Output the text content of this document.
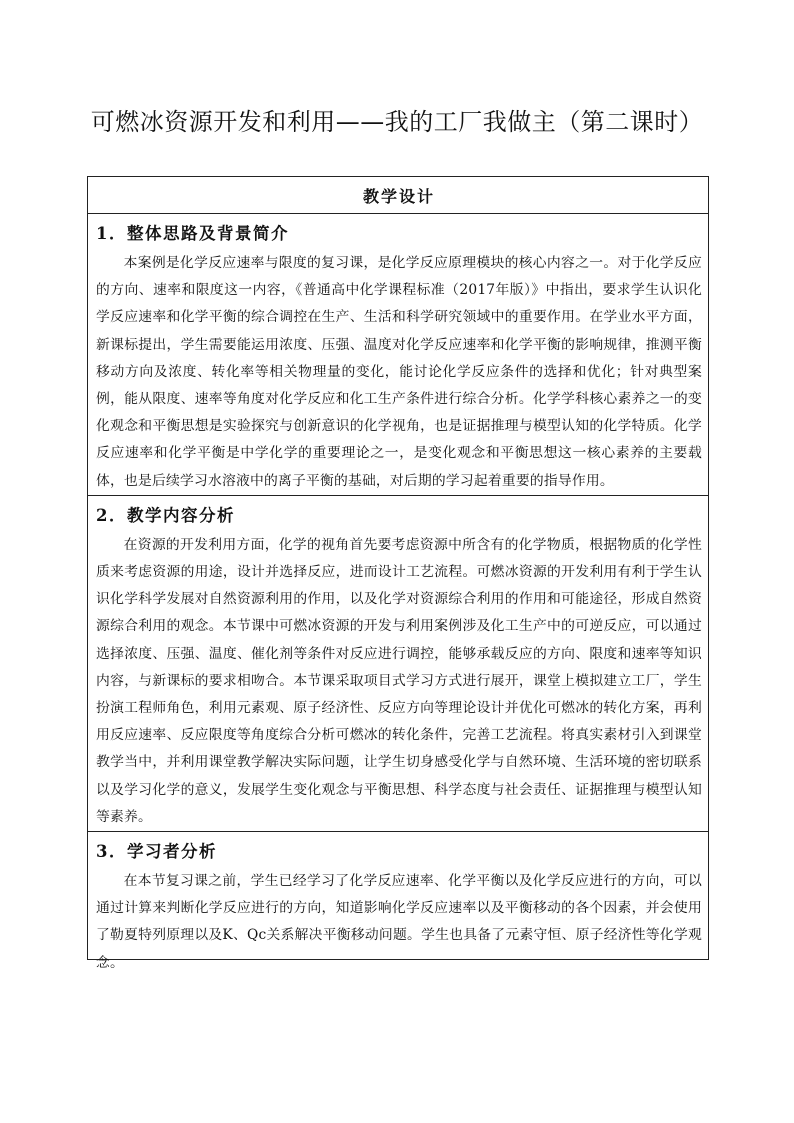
可燃冰资源开发和利用——我的工厂我做主（第二课时）
教学设计

1．整体思路及背景简介

本案例是化学反应速率与限度的复习课，是化学反应原理模块的核心内容之一。对于化学反应的方向、速率和限度这一内容，《普通高中化学课程标准（2017年版）》中指出，要求学生认识化学反应速率和化学平衡的综合调控在生产、生活和科学研究领域中的重要作用。在学业水平方面，新课标提出，学生需要能运用浓度、压强、温度对化学反应速率和化学平衡的影响规律，推测平衡移动方向及浓度、转化率等相关物理量的变化，能讨论化学反应条件的选择和优化；针对典型案例，能从限度、速率等角度对化学反应和化工生产条件进行综合分析。化学学科核心素养之一的变化观念和平衡思想是实验探究与创新意识的化学视角，也是证据推理与模型认知的化学特质。化学反应速率和化学平衡是中学化学的重要理论之一，是变化观念和平衡思想这一核心素养的主要载体，也是后续学习水溶液中的离子平衡的基础，对后期的学习起着重要的指导作用。

2．教学内容分析

在资源的开发利用方面，化学的视角首先要考虑资源中所含有的化学物质，根据物质的化学性质来考虑资源的用途，设计并选择反应，进而设计工艺流程。可燃冰资源的开发利用有利于学生认识化学科学发展对自然资源利用的作用，以及化学对资源综合利用的作用和可能途径，形成自然资源综合利用的观念。本节课中可燃冰资源的开发与利用案例涉及化工生产中的可逆反应，可以通过选择浓度、压强、温度、催化剂等条件对反应进行调控，能够承载反应的方向、限度和速率等知识内容，与新课标的要求相吻合。本节课采取项目式学习方式进行展开，课堂上模拟建立工厂，学生扮演工程师角色，利用元素观、原子经济性、反应方向等理论设计并优化可燃冰的转化方案，再利用反应速率、反应限度等角度综合分析可燃冰的转化条件，完善工艺流程。将真实素材引入到课堂教学当中，并利用课堂教学解决实际问题，让学生切身感受化学与自然环境、生活环境的密切联系以及学习化学的意义，发展学生变化观念与平衡思想、科学态度与社会责任、证据推理与模型认知等素养。

3．学习者分析

在本节复习课之前，学生已经学习了化学反应速率、化学平衡以及化学反应进行的方向，可以通过计算来判断化学反应进行的方向，知道影响化学反应速率以及平衡移动的各个因素，并会使用了勒夏特列原理以及K、Qc关系解决平衡移动问题。学生也具备了元素守恒、原子经济性等化学观念。
